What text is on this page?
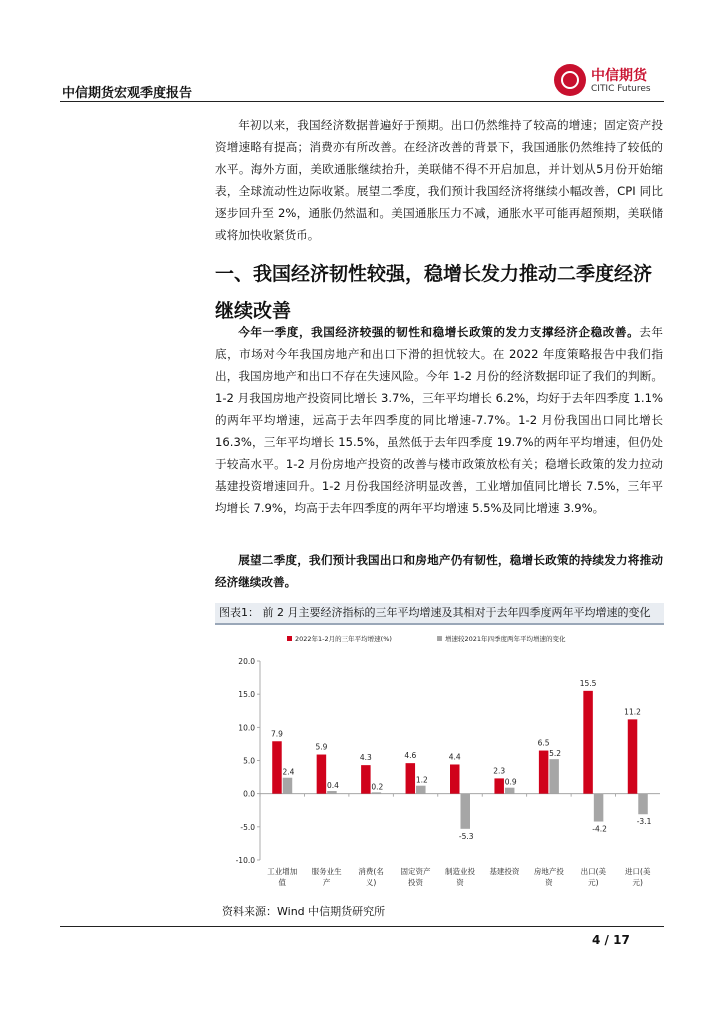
中信期货宏观季度报告
中信期货
CITIC Futures

年初以来，我国经济数据普遍好于预期。出口仍然维持了较高的增速；固定资产投资增速略有提高；消费亦有所改善。在经济改善的背景下，我国通胀仍然维持了较低的水平。海外方面，美欧通胀继续抬升，美联储不得不开启加息，并计划从5月份开始缩表，全球流动性边际收紧。展望二季度，我们预计我国经济将继续小幅改善，CPI 同比逐步回升至 2%，通胀仍然温和。美国通胀压力不减，通胀水平可能再超预期，美联储或将加快收紧货币。

一、我国经济韧性较强，稳增长发力推动二季度经济继续改善

今年一季度，我国经济较强的韧性和稳增长政策的发力支撑经济企稳改善。去年底，市场对今年我国房地产和出口下滑的担忧较大。在 2022 年度策略报告中我们指出，我国房地产和出口不存在失速风险。今年 1-2 月份的经济数据印证了我们的判断。1-2 月我国房地产投资同比增长 3.7%，三年平均增长 6.2%，均好于去年四季度 1.1%的两年平均增速，远高于去年四季度的同比增速-7.7%。1-2 月份我国出口同比增长 16.3%，三年平均增长 15.5%，虽然低于去年四季度 19.7%的两年平均增速，但仍处于较高水平。1-2 月份房地产投资的改善与楼市政策放松有关；稳增长政策的发力拉动基建投资增速回升。1-2 月份我国经济明显改善，工业增加值同比增长 7.5%，三年平均增长 7.9%，均高于去年四季度的两年平均增速 5.5%及同比增速 3.9%。

展望二季度，我们预计我国出口和房地产仍有韧性，稳增长政策的持续发力将推动经济继续改善。

图表1： 前 2 月主要经济指标的三年平均增速及其相对于去年四季度两年平均增速的变化
2022年1-2月的三年平均增速(%)	增速较2021年四季度两年平均增速的变化
20.0
15.0
10.0
5.0
0.0
-5.0
-10.0
7.9
2.4
工业增加
值
5.9
0.4
服务业生
产
4.3
0.2
消费(名
义)
4.6
1.2
固定资产
投资
4.4
-5.3
制造业投
资
2.3
0.9
基建投资
6.5
5.2
房地产投
资
15.5
-4.2
出口(美
元)
11.2
-3.1
进口(美
元)
资料来源：Wind 中信期货研究所
4 / 17
